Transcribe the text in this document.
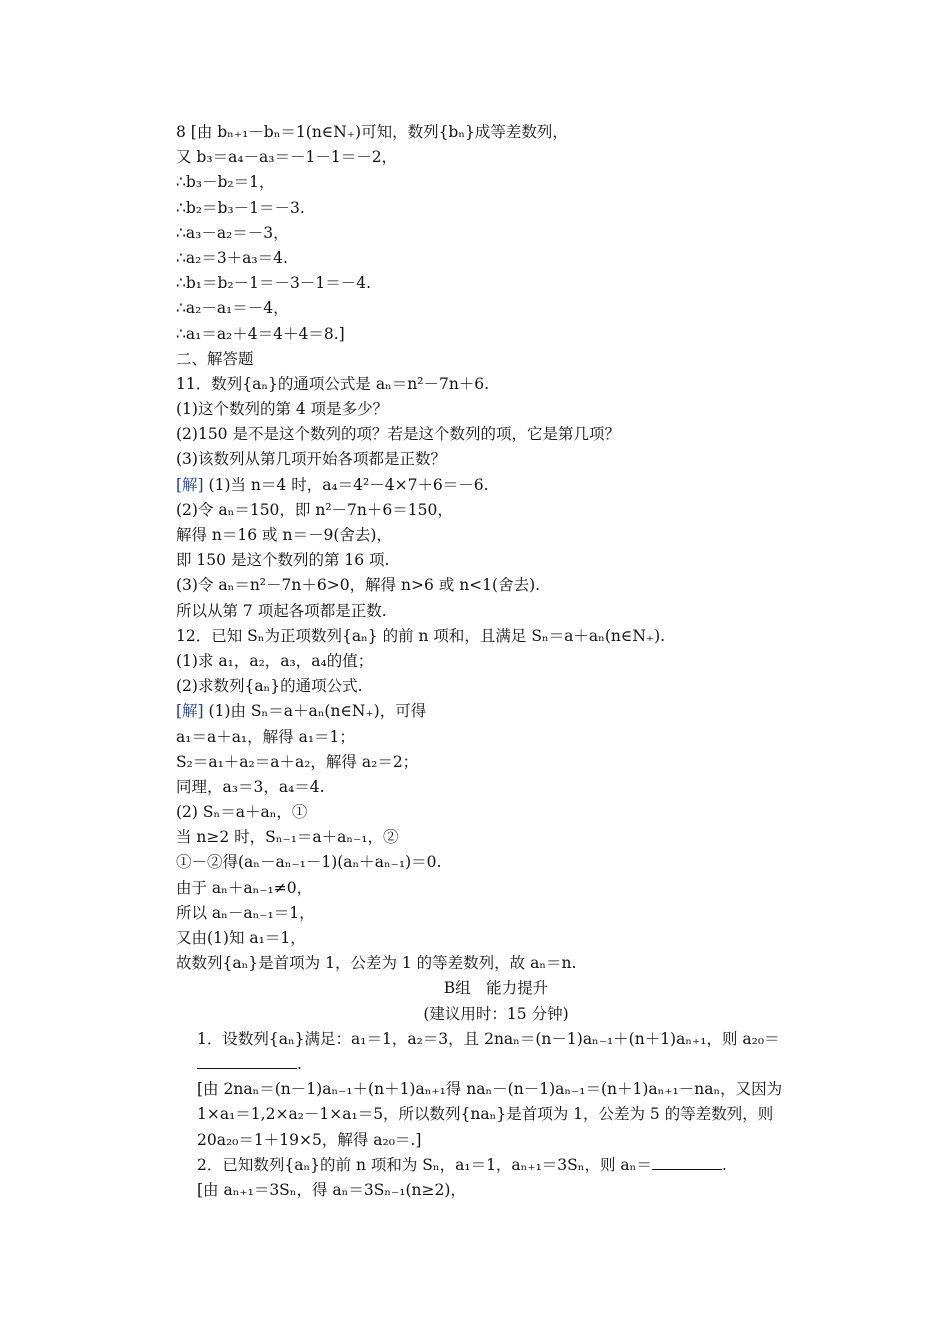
8 [由 bₙ₊₁－bₙ＝1(n∈N₊)可知，数列{bₙ}成等差数列，
又 b₃＝a₄－a₃＝－1－1＝－2，
∴b₃－b₂＝1，
∴b₂＝b₃－1＝－3.
∴a₃－a₂＝－3，
∴a₂＝3＋a₃＝4.
∴b₁＝b₂－1＝－3－1＝－4.
∴a₂－a₁＝－4，
∴a₁＝a₂＋4＝4＋4＝8.]
二、解答题
11．数列{aₙ}的通项公式是 aₙ＝n²－7n＋6.
(1)这个数列的第 4 项是多少？
(2)150 是不是这个数列的项？若是这个数列的项，它是第几项？
(3)该数列从第几项开始各项都是正数？
[解] (1)当 n＝4 时，a₄＝4²－4×7＋6＝－6.
(2)令 aₙ＝150，即 n²－7n＋6＝150，
解得 n＝16 或 n＝－9(舍去)，
即 150 是这个数列的第 16 项.
(3)令 aₙ＝n²－7n＋6>0，解得 n>6 或 n<1(舍去).
所以从第 7 项起各项都是正数.
12．已知 Sₙ为正项数列{aₙ} 的前 n 项和，且满足 Sₙ＝a＋aₙ(n∈N₊).
(1)求 a₁，a₂，a₃，a₄的值；
(2)求数列{aₙ}的通项公式.
[解] (1)由 Sₙ＝a＋aₙ(n∈N₊)，可得
a₁＝a＋a₁，解得 a₁＝1；
S₂＝a₁＋a₂＝a＋a₂，解得 a₂＝2；
同理，a₃＝3，a₄＝4.
(2) Sₙ＝a＋aₙ，①
当 n≥2 时，Sₙ₋₁＝a＋aₙ₋₁，②
①－②得(aₙ－aₙ₋₁－1)(aₙ＋aₙ₋₁)＝0.
由于 aₙ＋aₙ₋₁≠0，
所以 aₙ－aₙ₋₁＝1，
又由(1)知 a₁＝1，
故数列{aₙ}是首项为 1，公差为 1 的等差数列，故 aₙ＝n.
B组　能力提升
(建议用时：15 分钟)
1．设数列{aₙ}满足：a₁＝1，a₂＝3，且 2naₙ＝(n－1)aₙ₋₁＋(n＋1)aₙ₊₁，则 a₂₀＝.
[由 2naₙ＝(n－1)aₙ₋₁＋(n＋1)aₙ₊₁得 naₙ－(n－1)aₙ₋₁＝(n＋1)aₙ₊₁－naₙ，又因为 1×a₁＝1,2×a₂－1×a₁＝5，所以数列{naₙ}是首项为 1，公差为 5 的等差数列，则 20a₂₀＝1＋19×5，解得 a₂₀＝.]
2．已知数列{aₙ}的前 n 项和为 Sₙ，a₁＝1，aₙ₊₁＝3Sₙ，则 aₙ＝	.
[由 aₙ₊₁＝3Sₙ，得 aₙ＝3Sₙ₋₁(n≥2)，
